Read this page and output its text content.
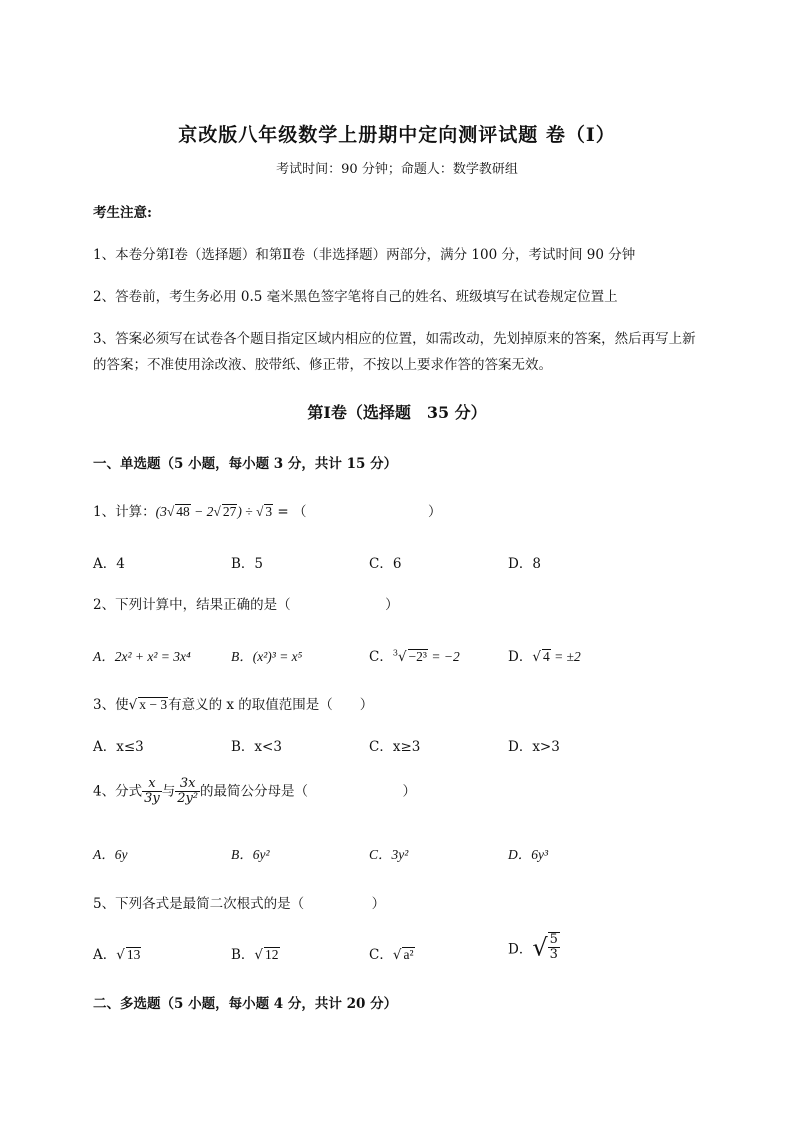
京改版八年级数学上册期中定向测评试题 卷（Ⅰ）
考试时间：90 分钟；命题人：数学教研组
考生注意:
1、本卷分第Ⅰ卷（选择题）和第Ⅱ卷（非选择题）两部分，满分 100 分，考试时间 90 分钟
2、答卷前，考生务必用 0.5 毫米黑色签字笔将自己的姓名、班级填写在试卷规定位置上
3、答案必须写在试卷各个题目指定区域内相应的位置，如需改动，先划掉原来的答案，然后再写上新
的答案；不准使用涂改液、胶带纸、修正带，不按以上要求作答的答案无效。
第Ⅰ卷（选择题　35 分）
一、单选题（5 小题，每小题 3 分，共计 15 分）
1、计算：(3√ 48 − 2√ 27) ÷ √ 3 = （　　　　　　　　　）
A．4	B．5	C．6	D．8
2、下列计算中，结果正确的是（　　　　　　　）
A．2x² + x² = 3x⁴	B．(x²)³ = x⁵	C．$^3$√ −2³ = −2	D．√ 4 = ±2
3、使√ x − 3有意义的 x 的取值范围是（　　）
A．x≤3	B．x<3	C．x≥3	D．x>3
4、分式 $\frac{x}{3y}$ 与 $\frac{3x}{\text{2y²}}$ 的最简公分母是（　　　　　　　）
A．6y	B．6y²	C．3y²	D．6y³
5、下列各式是最简二次根式的是（　　　　　）
A．√ 13	B．√ 12	C．√ a²	D．√ $\frac{5}{3}$
二、多选题（5 小题，每小题 4 分，共计 20 分）
